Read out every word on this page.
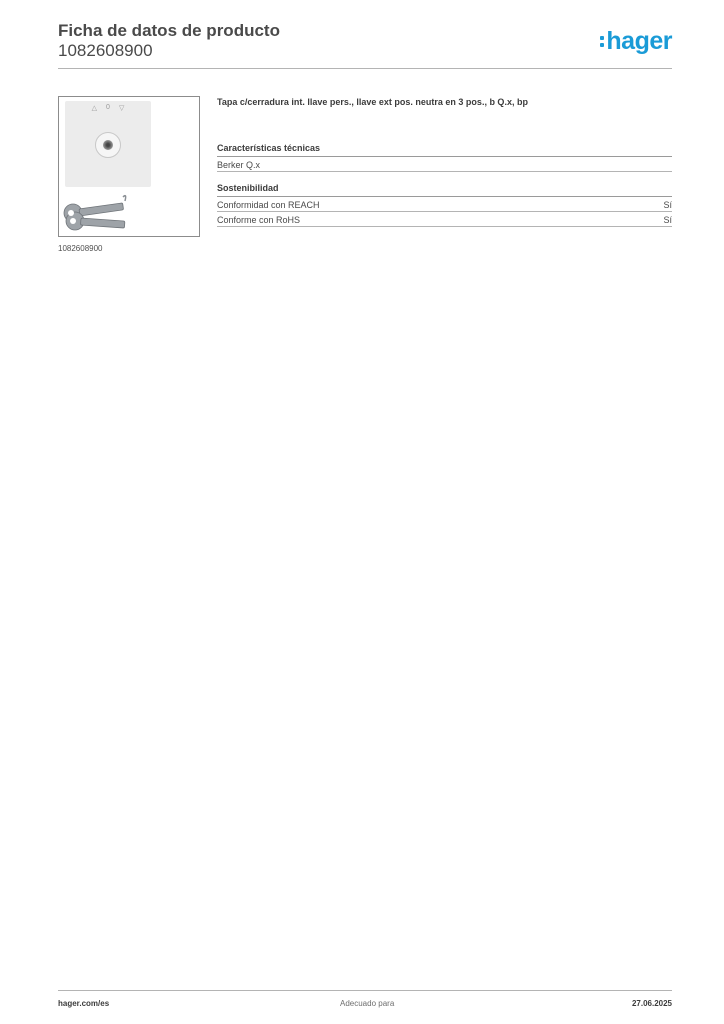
Ficha de datos de producto
1082608900	hager
△ 0 ▽
1082608900
Tapa c/cerradura int. llave pers., llave ext pos. neutra en 3 pos., b Q.x, bp
Características técnicas
Berker Q.x
Sostenibilidad
Conformidad con REACH	Sí
Conforme con RoHS	Sí
hager.com/es	Adecuado para	27.06.2025
